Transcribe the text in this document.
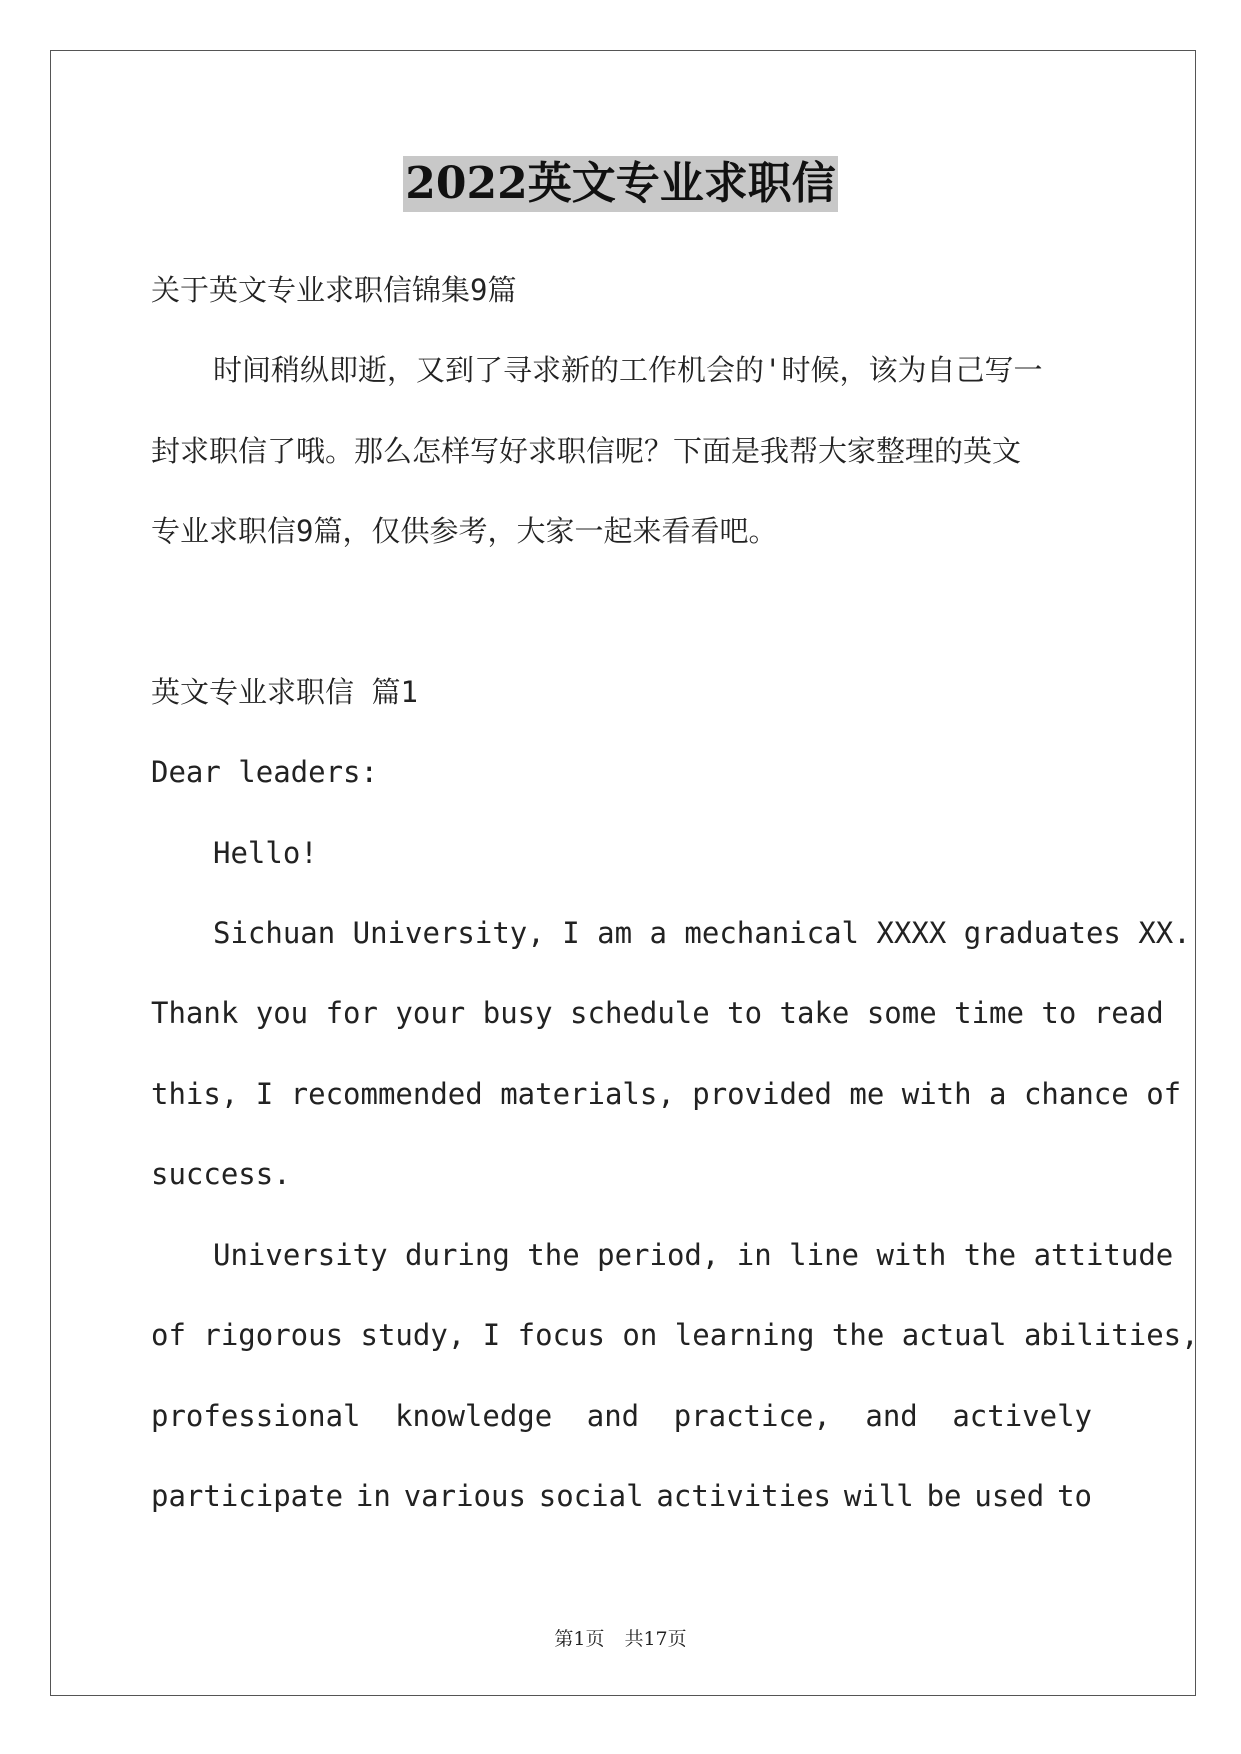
2022英文专业求职信
关于英文专业求职信锦集9篇
时间稍纵即逝，又到了寻求新的工作机会的'时候，该为自己写一
封求职信了哦。那么怎样写好求职信呢？下面是我帮大家整理的英文
专业求职信9篇，仅供参考，大家一起来看看吧。
英文专业求职信 篇1
Dear leaders:
Hello!
Sichuan University, I am a mechanical XXXX graduates XX.
Thank you for your busy schedule to take some time to read
this, I recommended materials, provided me with a chance of
success.
University during the period, in line with the attitude
of rigorous study, I focus on learning the actual abilities,
professional knowledge and practice, and actively
participate in various social activities will be used to
第1页 共17页
